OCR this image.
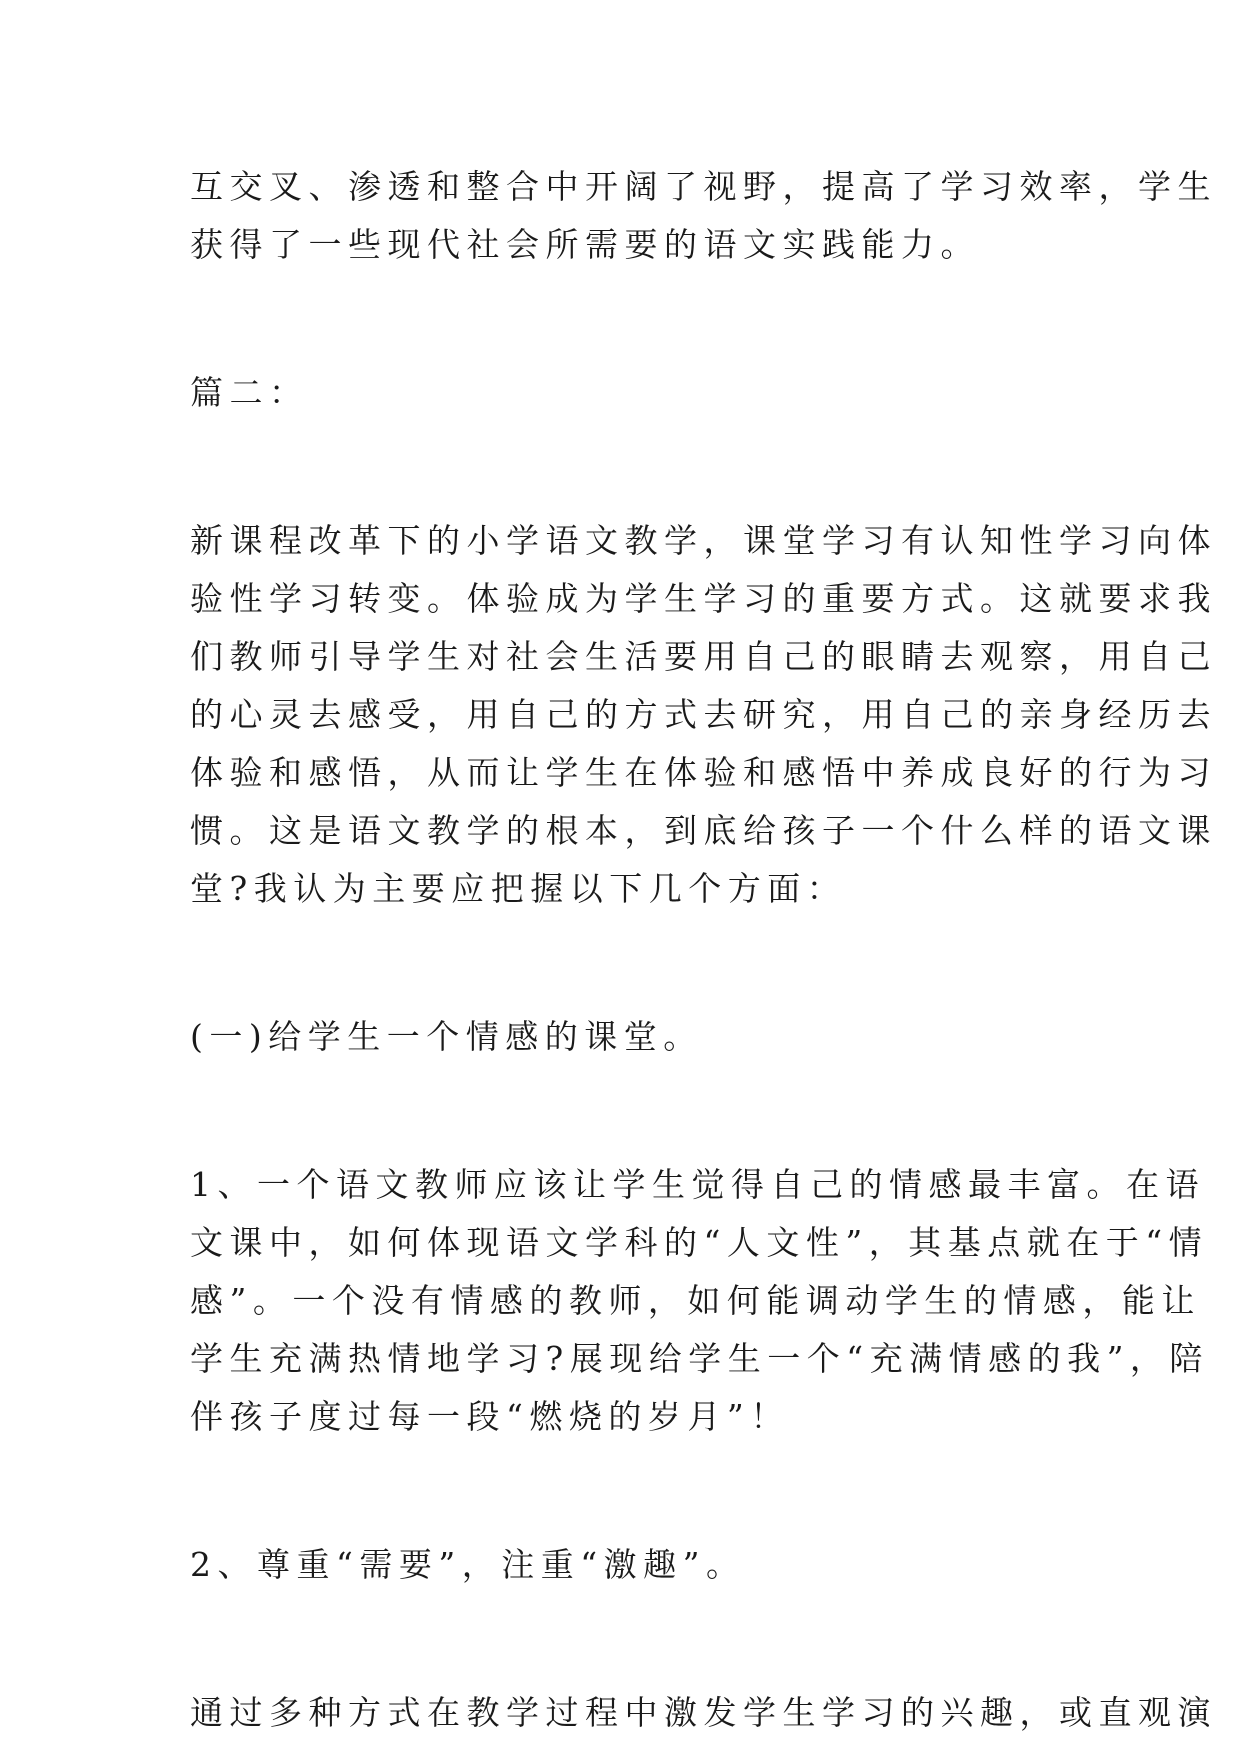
互交叉、渗透和整合中开阔了视野，提高了学习效率，学生
获得了一些现代社会所需要的语文实践能力。
篇二：
新课程改革下的小学语文教学，课堂学习有认知性学习向体
验性学习转变。体验成为学生学习的重要方式。这就要求我
们教师引导学生对社会生活要用自己的眼睛去观察，用自己
的心灵去感受，用自己的方式去研究，用自己的亲身经历去
体验和感悟，从而让学生在体验和感悟中养成良好的行为习
惯。这是语文教学的根本，到底给孩子一个什么样的语文课
堂?我认为主要应把握以下几个方面：
(一)给学生一个情感的课堂。
1、一个语文教师应该让学生觉得自己的情感最丰富。在语
文课中，如何体现语文学科的“人文性”，其基点就在于“情
感”。一个没有情感的教师，如何能调动学生的情感，能让
学生充满热情地学习?展现给学生一个“充满情感的我”，陪
伴孩子度过每一段“燃烧的岁月”！
2、尊重“需要”，注重“激趣”。
通过多种方式在教学过程中激发学生学习的兴趣，或直观演
